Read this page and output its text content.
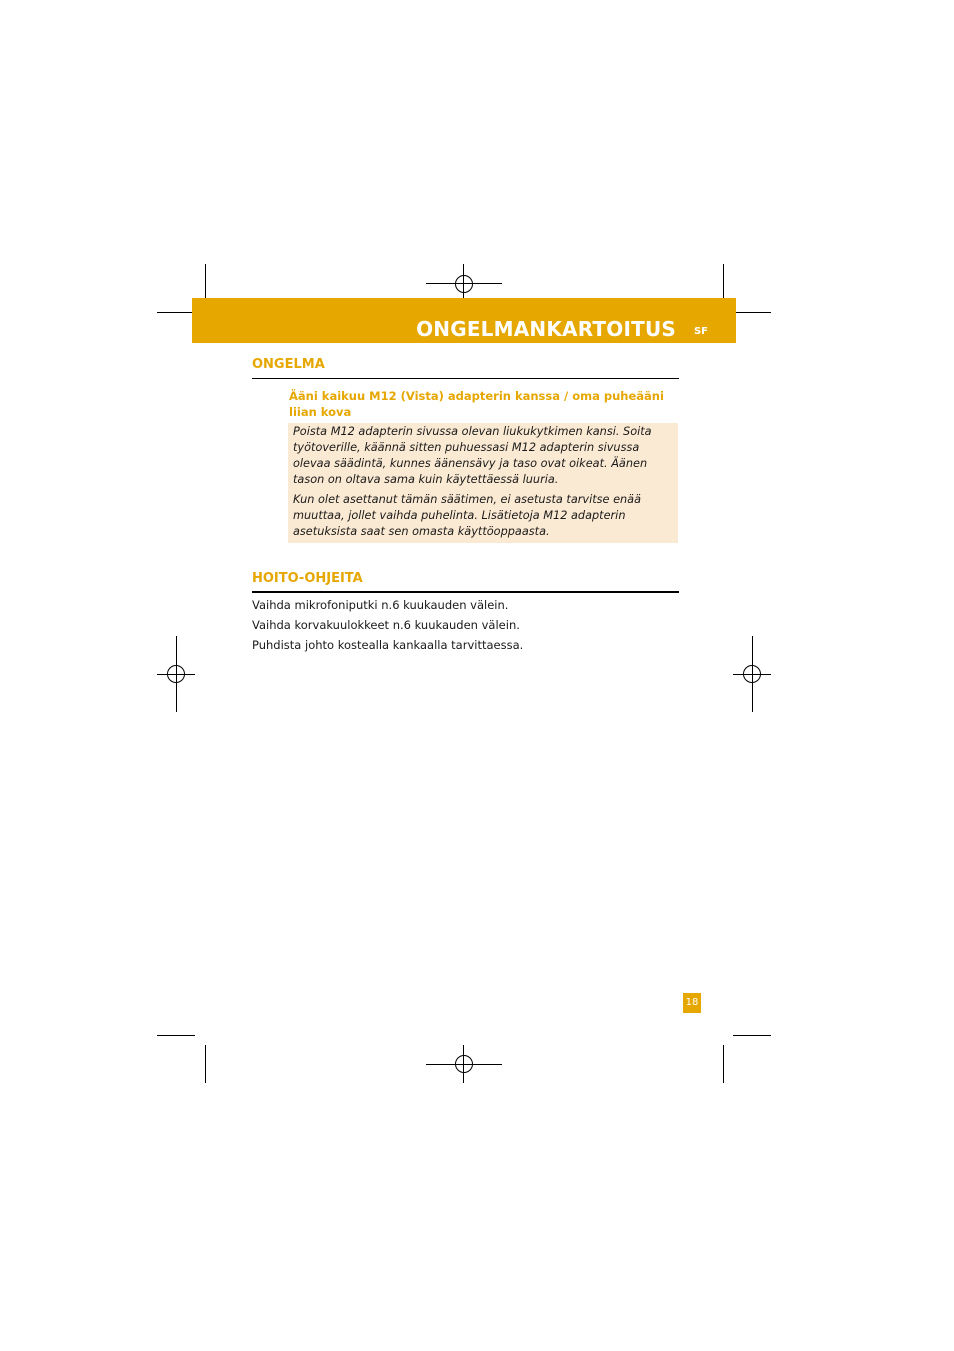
ONGELMANKARTOITUS SF
ONGELMA
Ääni kaikuu M12 (Vista) adapterin kanssa / oma puheääni liian kova

Poista M12 adapterin sivussa olevan liukukytkimen kansi. Soita työtoverille, käännä sitten puhuessasi M12 adapterin sivussa olevaa säädintä, kunnes äänensävy ja taso ovat oikeat. Äänen tason on oltava sama kuin käytettäessä luuria.

Kun olet asettanut tämän säätimen, ei asetusta tarvitse enää muuttaa, jollet vaihda puhelinta. Lisätietoja M12 adapterin asetuksista saat sen omasta käyttöoppaasta.

HOITO-OHJEITA
Vaihda mikrofoniputki n.6 kuukauden välein.
Vaihda korvakuulokkeet n.6 kuukauden välein.
Puhdista johto kostealla kankaalla tarvittaessa.
18
